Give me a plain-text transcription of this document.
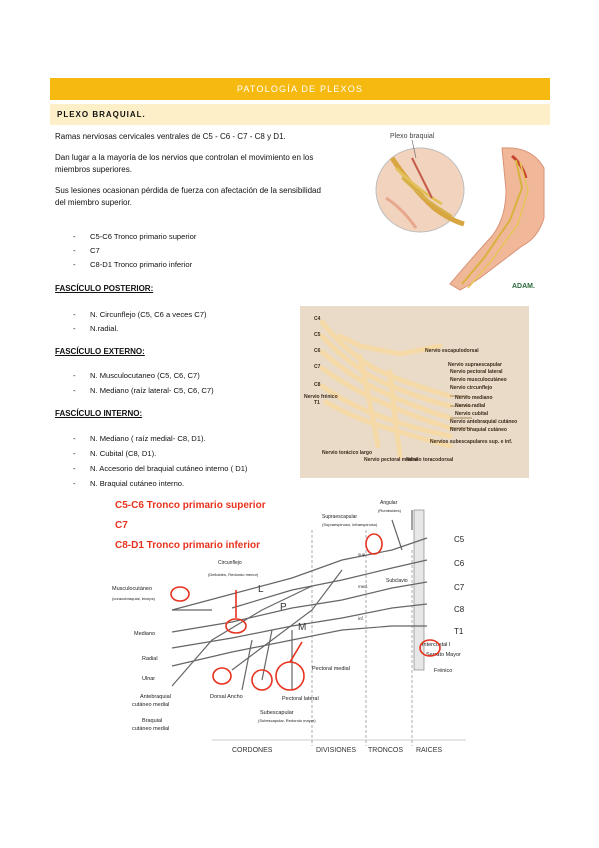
PATOLOGÍA DE PLEXOS
PLEXO BRAQUIAL.

Ramas nerviosas cervicales ventrales de C5 - C6 - C7 - C8 y D1.

Dan lugar a la mayoría de los nervios que controlan el movimiento en los

miembros superiores.

Sus lesiones ocasionan pérdida de fuerza con afectación de la sensibilidad

del miembro superior.

- C5-C6 Tronco primario superior
- C7
- C8-D1 Tronco primario inferior
FASCÍCULO POSTERIOR:
- N. Circunflejo (C5, C6 a veces C7)
- N.radial.
FASCÍCULO EXTERNO:
- N. Musculocutaneo (C5, C6, C7)
- N. Mediano (raíz lateral- C5, C6, C7)
FASCÍCULO INTERNO:
- N. Mediano ( raíz medial- C8, D1).
- N. Cubital (C8, D1).
- N. Accesorio del braquial cutáneo interno ( D1)
- N. Braquial cutáneo interno.
Plexo braquial
ADAM.
Nervio escapulodorsal
Nervio supraescapular
Nervio pectoral lateral
Nervio musculocutáneo
Nervio circunflejo
Nervio mediano
Nervio radial
Nervio cubital
Nervio antebraquial cutáneo
Nervio braquial cutáneo
Nervios subescapulares sup. e inf.
Nervio torácico largo
Nervio pectoral medial
Nervio toracodorsal
Nervio frénico
C4
C5
C6
C7
C8
T1
C5-C6 Tronco primario superior
C7
C8-D1 Tronco primario inferior
L
P
M
sup.
med.
inf.
C5
C6
C7
C8
T1
Musculocutáneo
(coracobraquial, bíceps)
Mediano
Radial
Ulnar
Antebraquial
cutáneo medial
Braquial
cutáneo medial
Circunflejo
(Deltoides, Redondo menor)
Angular
(Romboides)
Supraescapular
(Supraespinoso, infraespinoso)
Subclavio
Dorsal Ancho	Pectoral lateral
Subescapular
(Subescapular, Redondo mayor)
Pectoral medial
Intercostal I
Serrato Mayor
Frénico
CORDONES	DIVISIONES TRONCOS RAICES
